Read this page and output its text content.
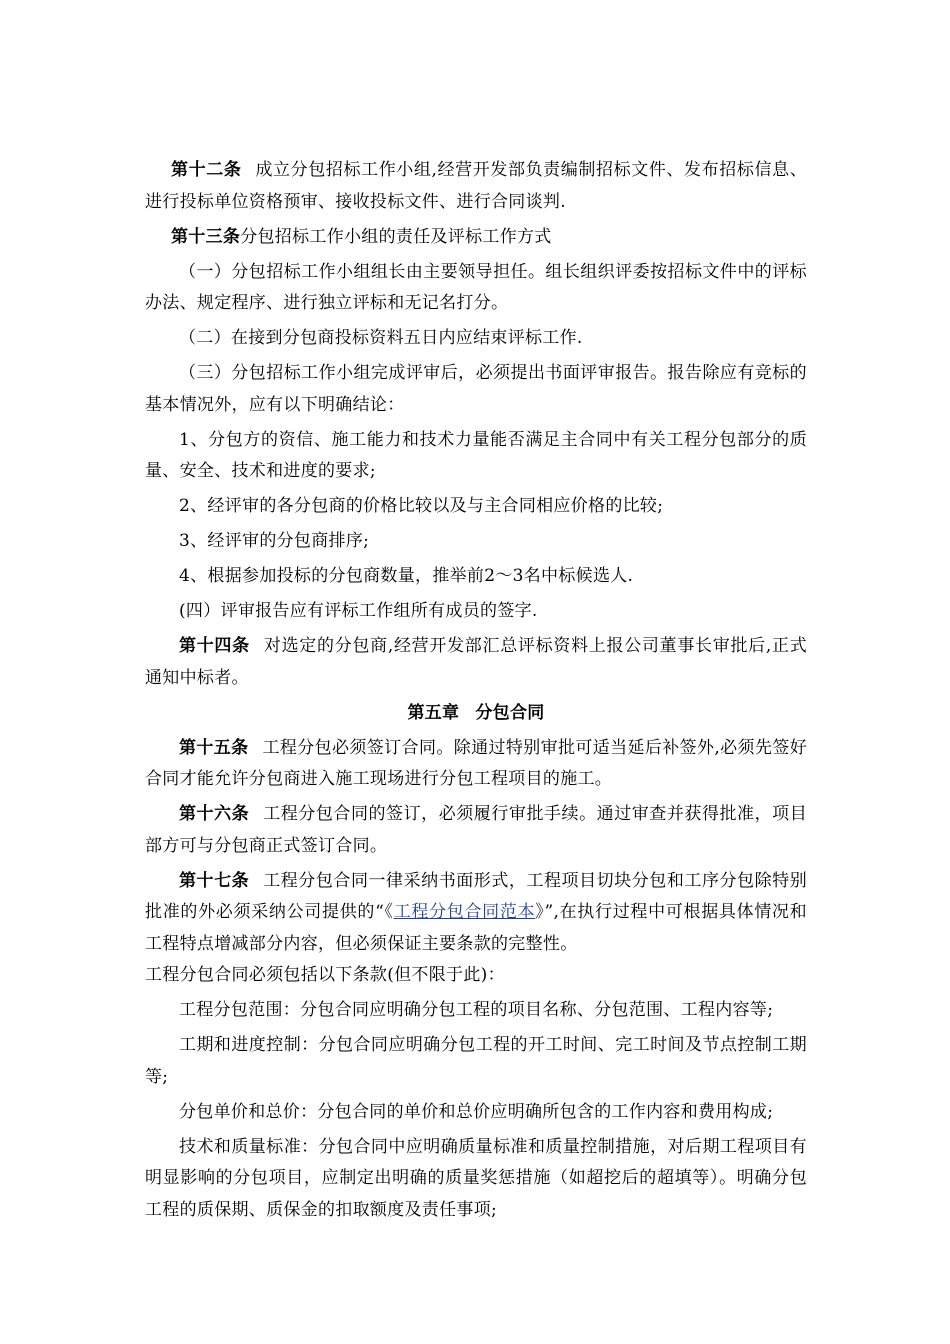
第十二条 成立分包招标工作小组,经营开发部负责编制招标文件、发布招标信息、进行投标单位资格预审、接收投标文件、进行合同谈判.

第十三条分包招标工作小组的责任及评标工作方式

（一）分包招标工作小组组长由主要领导担任。组长组织评委按招标文件中的评标办法、规定程序、进行独立评标和无记名打分。

（二）在接到分包商投标资料五日内应结束评标工作.

（三）分包招标工作小组完成评审后，必须提出书面评审报告。报告除应有竞标的基本情况外，应有以下明确结论：

1、分包方的资信、施工能力和技术力量能否满足主合同中有关工程分包部分的质量、安全、技术和进度的要求;

2、经评审的各分包商的价格比较以及与主合同相应价格的比较;

3、经评审的分包商排序;

4、根据参加投标的分包商数量，推举前2～3名中标候选人.

(四）评审报告应有评标工作组所有成员的签字.

第十四条 对选定的分包商,经营开发部汇总评标资料上报公司董事长审批后,正式通知中标者。

第五章 分包合同

第十五条 工程分包必须签订合同。除通过特别审批可适当延后补签外,必须先签好合同才能允许分包商进入施工现场进行分包工程项目的施工。

第十六条 工程分包合同的签订，必须履行审批手续。通过审查并获得批准，项目部方可与分包商正式签订合同。

第十七条 工程分包合同一律采纳书面形式，工程项目切块分包和工序分包除特别批准的外必须采纳公司提供的“《工程分包合同范本》”,在执行过程中可根据具体情况和工程特点增减部分内容，但必须保证主要条款的完整性。
工程分包合同必须包括以下条款(但不限于此)：

工程分包范围：分包合同应明确分包工程的项目名称、分包范围、工程内容等;

工期和进度控制：分包合同应明确分包工程的开工时间、完工时间及节点控制工期等;

分包单价和总价：分包合同的单价和总价应明确所包含的工作内容和费用构成;

技术和质量标准：分包合同中应明确质量标准和质量控制措施，对后期工程项目有明显影响的分包项目，应制定出明确的质量奖惩措施（如超挖后的超填等）。明确分包工程的质保期、质保金的扣取额度及责任事项;
